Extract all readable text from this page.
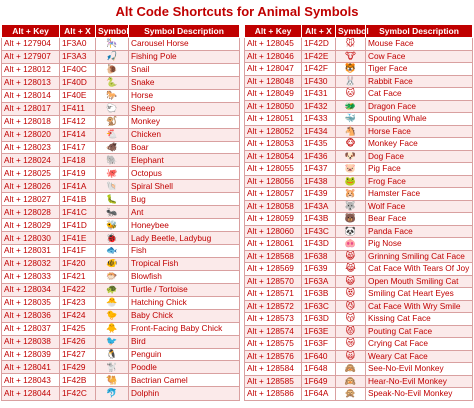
Alt Code Shortcuts for Animal Symbols
Alt + Key	Alt + X	Symbol	Symbol Description
Alt + 127904	1F3A0	🎠	Carousel Horse
Alt + 127907	1F3A3	🎣	Fishing Pole
Alt + 128012	1F40C	🐌	Snail
Alt + 128013	1F40D	🐍	Snake
Alt + 128014	1F40E	🐎	Horse
Alt + 128017	1F411	🐑	Sheep
Alt + 128018	1F412	🐒	Monkey
Alt + 128020	1F414	🐔	Chicken
Alt + 128023	1F417	🐗	Boar
Alt + 128024	1F418	🐘	Elephant
Alt + 128025	1F419	🐙	Octopus
Alt + 128026	1F41A	🐚	Spiral Shell
Alt + 128027	1F41B	🐛	Bug
Alt + 128028	1F41C	🐜	Ant
Alt + 128029	1F41D	🐝	Honeybee
Alt + 128030	1F41E	🐞	Lady Beetle, Ladybug
Alt + 128031	1F41F	🐟	Fish
Alt + 128032	1F420	🐠	Tropical Fish
Alt + 128033	1F421	🐡	Blowfish
Alt + 128034	1F422	🐢	Turtle / Tortoise
Alt + 128035	1F423	🐣	Hatching Chick
Alt + 128036	1F424	🐤	Baby Chick
Alt + 128037	1F425	🐥	Front-Facing Baby Chick
Alt + 128038	1F426	🐦	Bird
Alt + 128039	1F427	🐧	Penguin
Alt + 128041	1F429	🐩	Poodle
Alt + 128043	1F42B	🐫	Bactrian Camel
Alt + 128044	1F42C	🐬	Dolphin
Alt + Key	Alt + X	Symbol	Symbol Description
Alt + 128045	1F42D	🐭	Mouse Face
Alt + 128046	1F42E	🐮	Cow Face
Alt + 128047	1F42F	🐯	Tiger Face
Alt + 128048	1F430	🐰	Rabbit Face
Alt + 128049	1F431	🐱	Cat Face
Alt + 128050	1F432	🐲	Dragon Face
Alt + 128051	1F433	🐳	Spouting Whale
Alt + 128052	1F434	🐴	Horse Face
Alt + 128053	1F435	🐵	Monkey Face
Alt + 128054	1F436	🐶	Dog Face
Alt + 128055	1F437	🐷	Pig Face
Alt + 128056	1F438	🐸	Frog Face
Alt + 128057	1F439	🐹	Hamster Face
Alt + 128058	1F43A	🐺	Wolf Face
Alt + 128059	1F43B	🐻	Bear Face
Alt + 128060	1F43C	🐼	Panda Face
Alt + 128061	1F43D	🐽	Pig Nose
Alt + 128568	1F638	😸	Grinning Smiling Cat Face
Alt + 128569	1F639	😹	Cat Face With Tears Of Joy
Alt + 128570	1F63A	😺	Open Mouth Smiling Cat
Alt + 128571	1F63B	😻	Smiling Cat Heart Eyes
Alt + 128572	1F63C	😼	Cat Face With Wry Smile
Alt + 128573	1F63D	😽	Kissing Cat Face
Alt + 128574	1F63E	😾	Pouting Cat Face
Alt + 128575	1F63F	😿	Crying Cat Face
Alt + 128576	1F640	🙀	Weary Cat Face
Alt + 128584	1F648	🙈	See-No-Evil Monkey
Alt + 128585	1F649	🙉	Hear-No-Evil Monkey
Alt + 128586	1F64A	🙊	Speak-No-Evil Monkey
